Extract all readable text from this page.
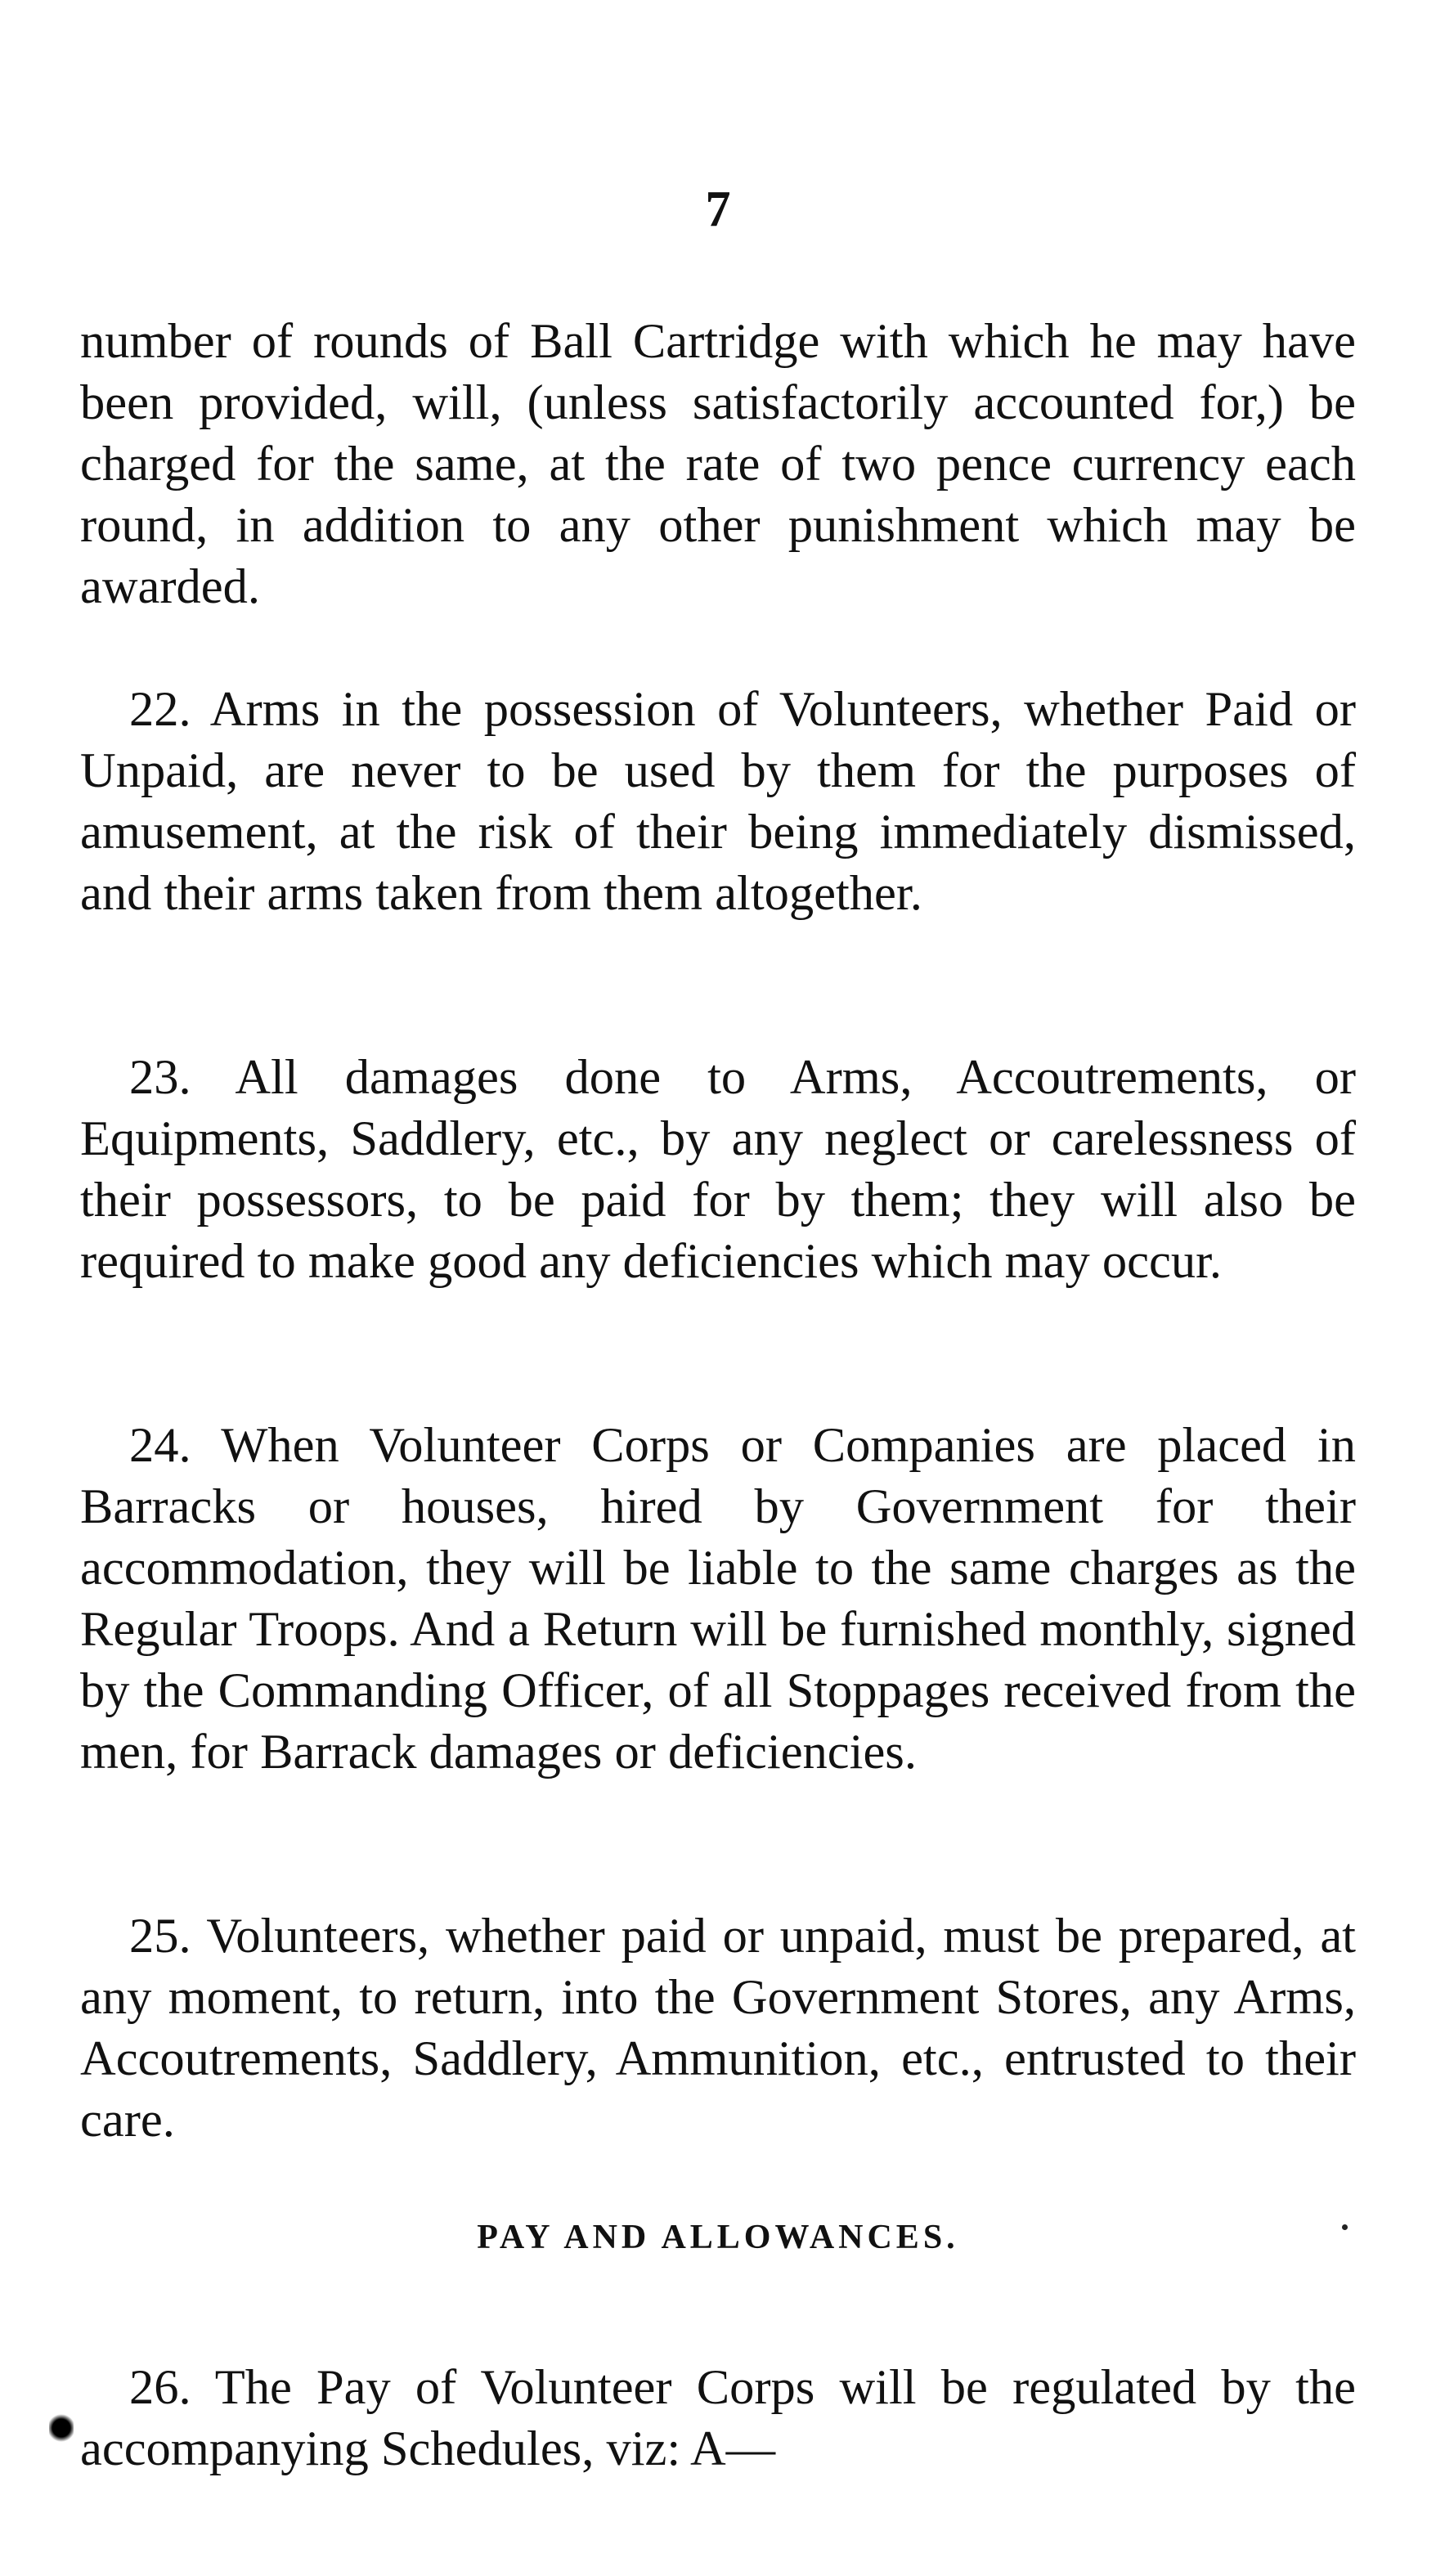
7

number of rounds of Ball Cartridge with which he may have been provided, will, (unless satisfactorily accounted for,) be charged for the same, at the rate of two pence currency each round, in addition to any other punishment which may be awarded.

22. Arms in the possession of Volunteers, whether Paid or Unpaid, are never to be used by them for the purposes of amusement, at the risk of their being immediately dismissed, and their arms taken from them altogether.

23. All damages done to Arms, Accoutrements, or Equipments, Saddlery, etc., by any neglect or carelessness of their possessors, to be paid for by them; they will also be required to make good any deficiencies which may occur.

24. When Volunteer Corps or Companies are placed in Barracks or houses, hired by Government for their accommodation, they will be liable to the same charges as the Regular Troops. And a Return will be furnished monthly, signed by the Commanding Officer, of all Stoppages received from the men, for Barrack damages or deficiencies.

25. Volunteers, whether paid or unpaid, must be prepared, at any moment, to return, into the Government Stores, any Arms, Accoutrements, Saddlery, Ammunition, etc., entrusted to their care.

PAY AND ALLOWANCES.

26. The Pay of Volunteer Corps will be regulated by the accompanying Schedules, viz: A—
